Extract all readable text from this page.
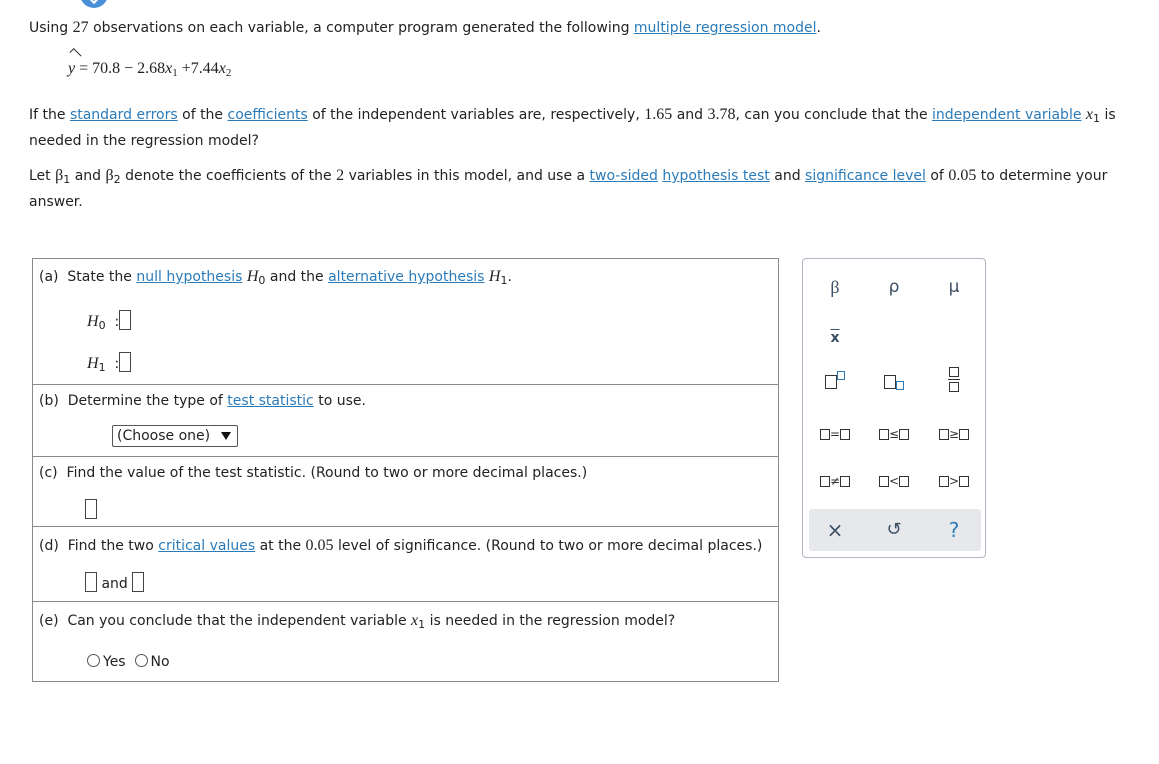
Using 27 observations on each variable, a computer program generated the following multiple regression model.
$y = 70.8 - 2.68x_1 +7.44x_2$
If the standard errors of the coefficients of the independent variables are, respectively, 1.65 and 3.78, can you conclude that the independent variable $x_1$ is
needed in the regression model?
Let $\beta_1$ and $\beta_2$ denote the coefficients of the 2 variables in this model, and use a two-sided hypothesis test and significance level of 0.05 to determine your
answer.
(a) State the null hypothesis $H_0$ and the alternative hypothesis $H_1$.
$H_0$ :
$H_1$ :
(b) Determine the type of test statistic to use.
(Choose one)
(c) Find the value of the test statistic. (Round to two or more decimal places.)
(d) Find the two critical values at the 0.05 level of significance. (Round to two or more decimal places.)
and
(e) Can you conclude that the independent variable $x_1$ is needed in the regression model?
Yes No
β	ρ	μ
$\overline{x}$
=	≤	≥
≠	<	>
×	↺	?
